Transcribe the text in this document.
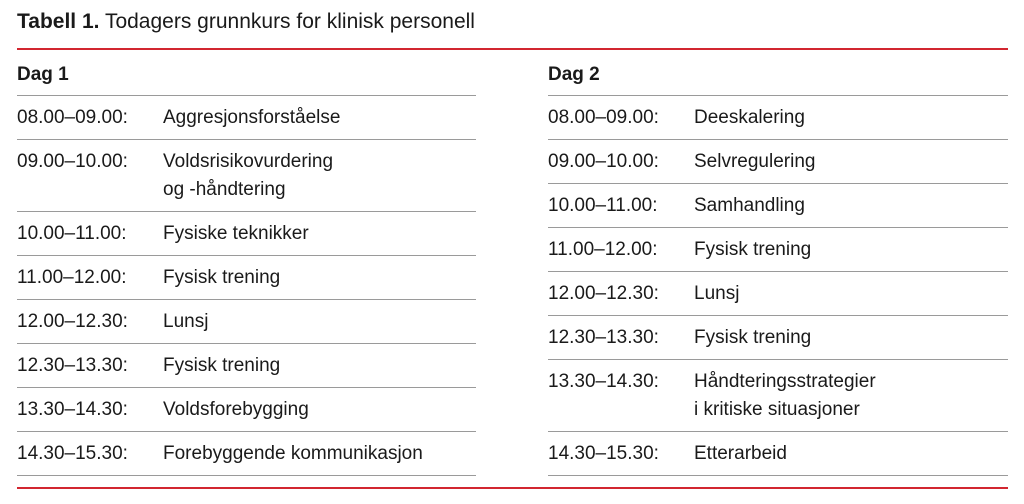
Tabell 1. Todagers grunnkurs for klinisk personell
Dag 1
08.00–09.00:	Aggresjonsforståelse
09.00–10.00:	Voldsrisikovurdering
og -håndtering
10.00–11.00:	Fysiske teknikker
11.00–12.00:	Fysisk trening
12.00–12.30:	Lunsj
12.30–13.30:	Fysisk trening
13.30–14.30:	Voldsforebygging
14.30–15.30:	Forebyggende kommunikasjon
Dag 2
08.00–09.00:	Deeskalering
09.00–10.00:	Selvregulering
10.00–11.00:	Samhandling
11.00–12.00:	Fysisk trening
12.00–12.30:	Lunsj
12.30–13.30:	Fysisk trening
13.30–14.30:	Håndteringsstrategier
i kritiske situasjoner
14.30–15.30:	Etterarbeid
